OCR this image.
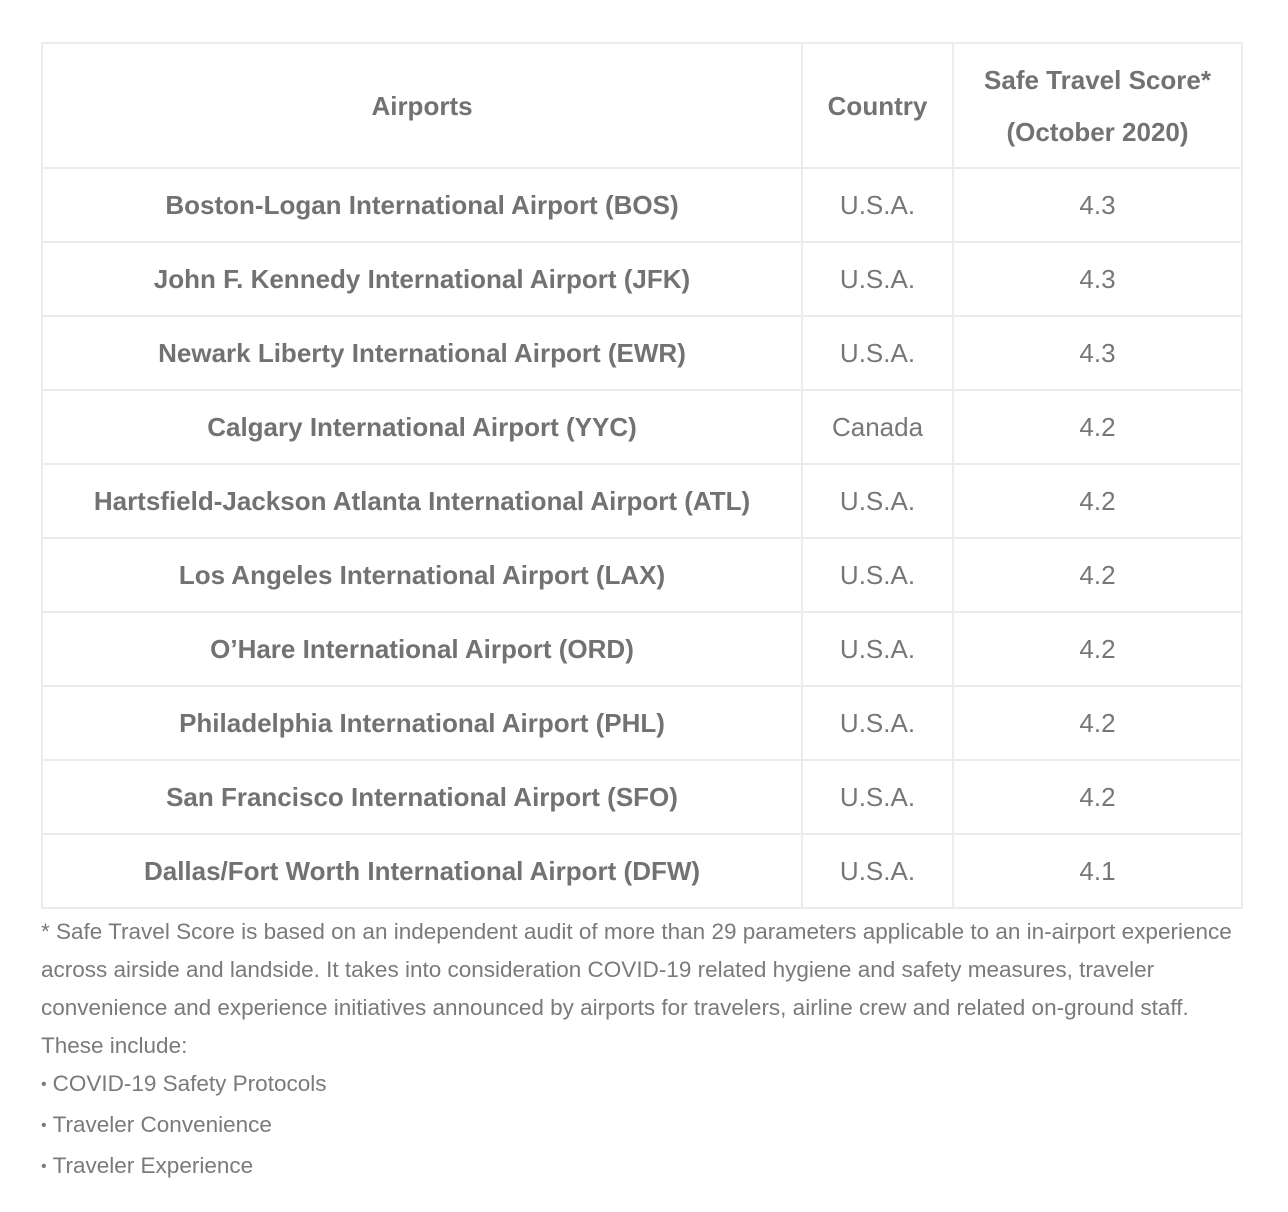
Airports	Country	Safe Travel Score*
(October 2020)

Boston-Logan International Airport (BOS)	U.S.A.	4.3
John F. Kennedy International Airport (JFK)	U.S.A.	4.3
Newark Liberty International Airport (EWR)	U.S.A.	4.3
Calgary International Airport (YYC)	Canada	4.2
Hartsfield-Jackson Atlanta International Airport (ATL)	U.S.A.	4.2
Los Angeles International Airport (LAX)	U.S.A.	4.2
O’Hare International Airport (ORD)	U.S.A.	4.2
Philadelphia International Airport (PHL)	U.S.A.	4.2
San Francisco International Airport (SFO)	U.S.A.	4.2
Dallas/Fort Worth International Airport (DFW)	U.S.A.	4.1

* Safe Travel Score is based on an independent audit of more than 29 parameters applicable to an in-airport experience across airside and landside. It takes into consideration COVID-19 related hygiene and safety measures, traveler convenience and experience initiatives announced by airports for travelers, airline crew and related on-ground staff. These include:

• COVID-19 Safety Protocols
• Traveler Convenience
• Traveler Experience
